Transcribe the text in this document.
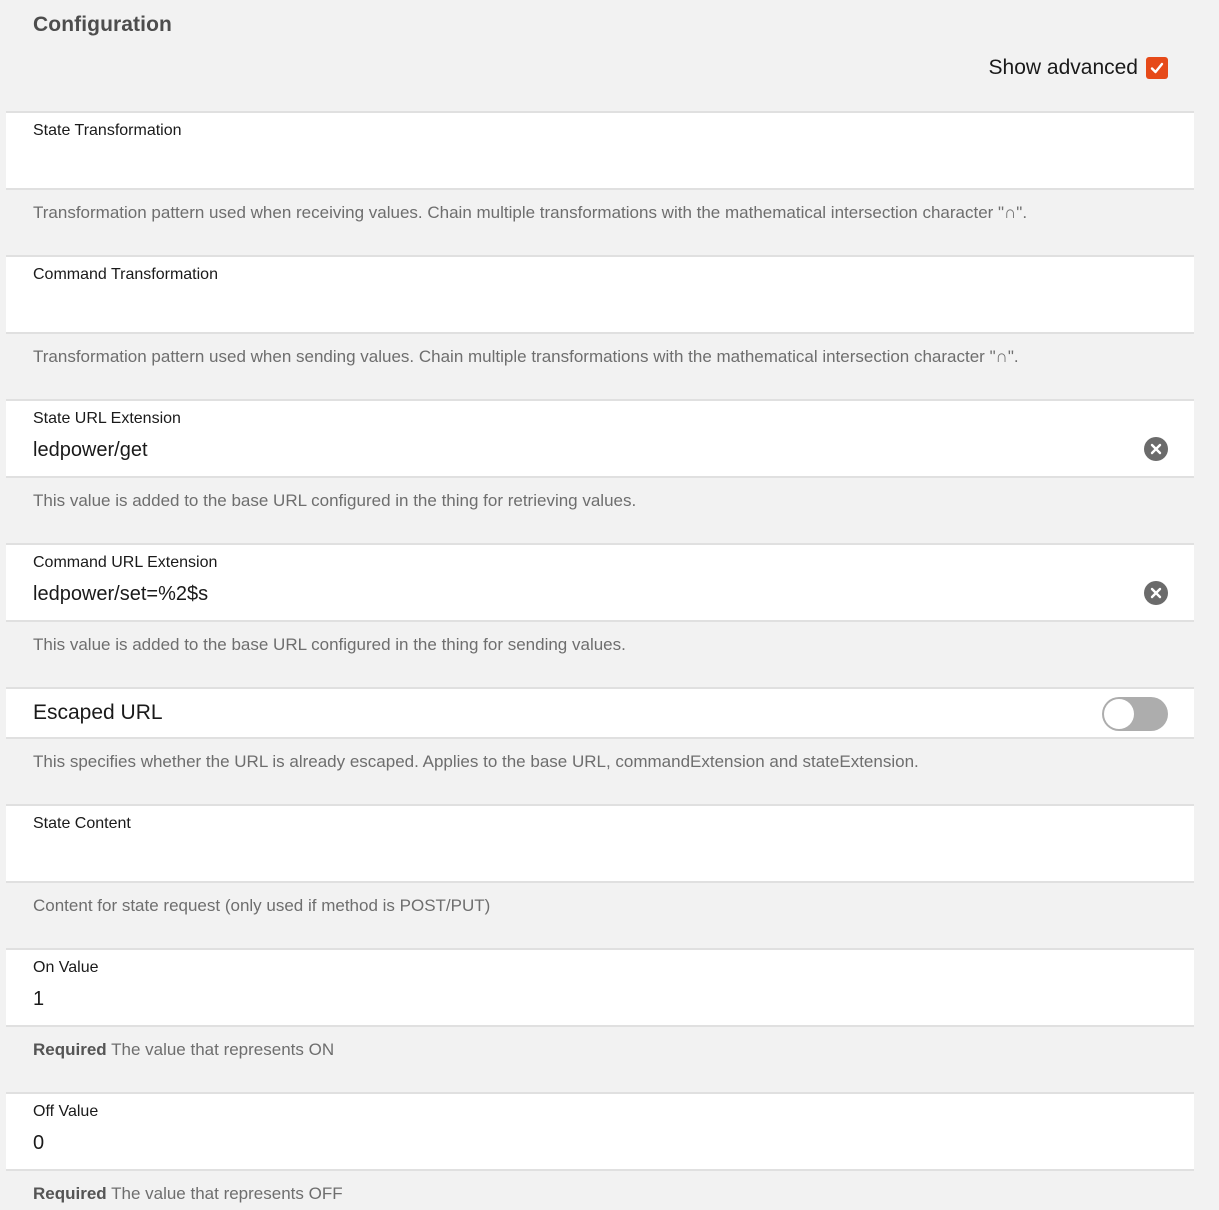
Configuration
Show advanced
State Transformation
Transformation pattern used when receiving values. Chain multiple transformations with the mathematical intersection character "∩".
Command Transformation
Transformation pattern used when sending values. Chain multiple transformations with the mathematical intersection character "∩".
State URL Extension
ledpower/get
This value is added to the base URL configured in the thing for retrieving values.
Command URL Extension
ledpower/set=%2$s
This value is added to the base URL configured in the thing for sending values.
Escaped URL
This specifies whether the URL is already escaped. Applies to the base URL, commandExtension and stateExtension.
State Content
Content for state request (only used if method is POST/PUT)
On Value
1
Required The value that represents ON
Off Value
0
Required The value that represents OFF
